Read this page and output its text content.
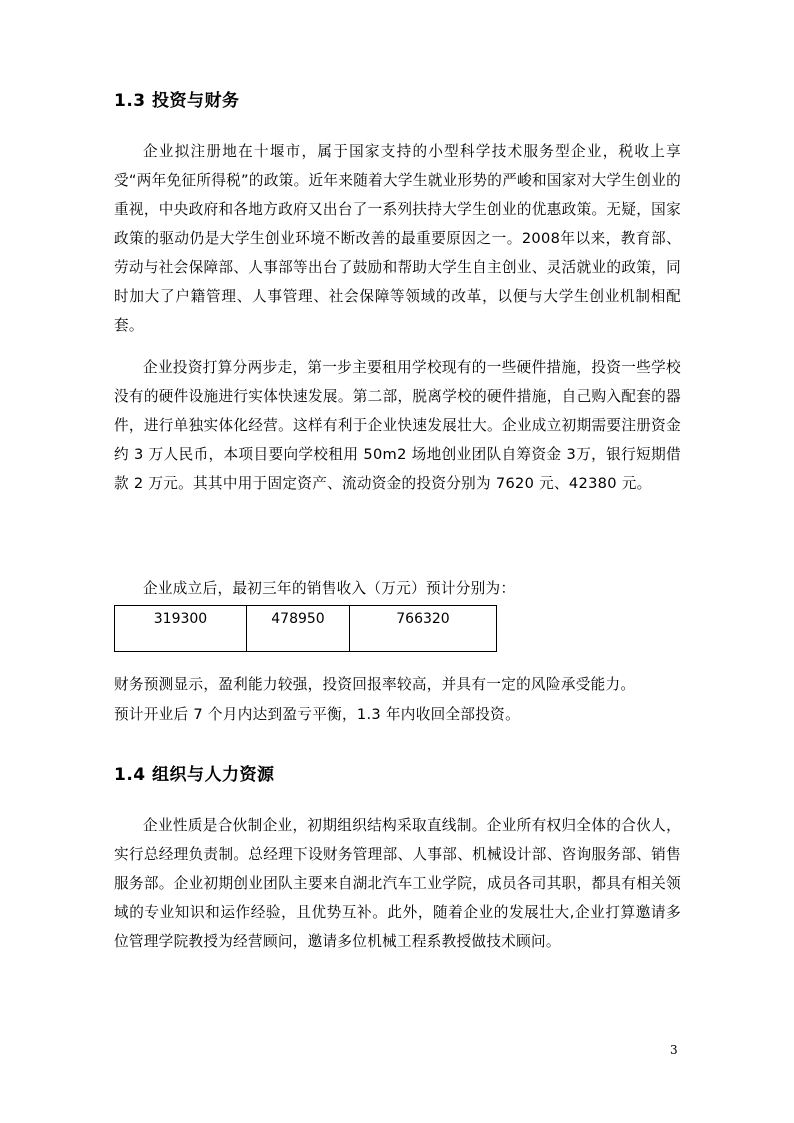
1.3 投资与财务

企业拟注册地在十堰市，属于国家支持的小型科学技术服务型企业，税收上享受“两年免征所得税”的政策。近年来随着大学生就业形势的严峻和国家对大学生创业的重视，中央政府和各地方政府又出台了一系列扶持大学生创业的优惠政策。无疑，国家政策的驱动仍是大学生创业环境不断改善的最重要原因之一。2008年以来，教育部、劳动与社会保障部、人事部等出台了鼓励和帮助大学生自主创业、灵活就业的政策，同时加大了户籍管理、人事管理、社会保障等领域的改革，以便与大学生创业机制相配套。

企业投资打算分两步走，第一步主要租用学校现有的一些硬件措施，投资一些学校没有的硬件设施进行实体快速发展。第二部，脱离学校的硬件措施，自己购入配套的器件，进行单独实体化经营。这样有利于企业快速发展壮大。企业成立初期需要注册资金约 3 万人民币，本项目要向学校租用 50m2 场地创业团队自筹资金 3万，银行短期借款 2 万元。其其中用于固定资产、流动资金的投资分别为 7620 元、42380 元。

企业成立后，最初三年的销售收入（万元）预计分别为：

319300	478950	766320

财务预测显示，盈利能力较强，投资回报率较高，并具有一定的风险承受能力。

预计开业后 7 个月内达到盈亏平衡，1.3 年内收回全部投资。

1.4 组织与人力资源

企业性质是合伙制企业，初期组织结构采取直线制。企业所有权归全体的合伙人，实行总经理负责制。总经理下设财务管理部、人事部、机械设计部、咨询服务部、销售服务部。企业初期创业团队主要来自湖北汽车工业学院，成员各司其职，都具有相关领域的专业知识和运作经验，且优势互补。此外，随着企业的发展壮大,企业打算邀请多位管理学院教授为经营顾问，邀请多位机械工程系教授做技术顾问。

3
